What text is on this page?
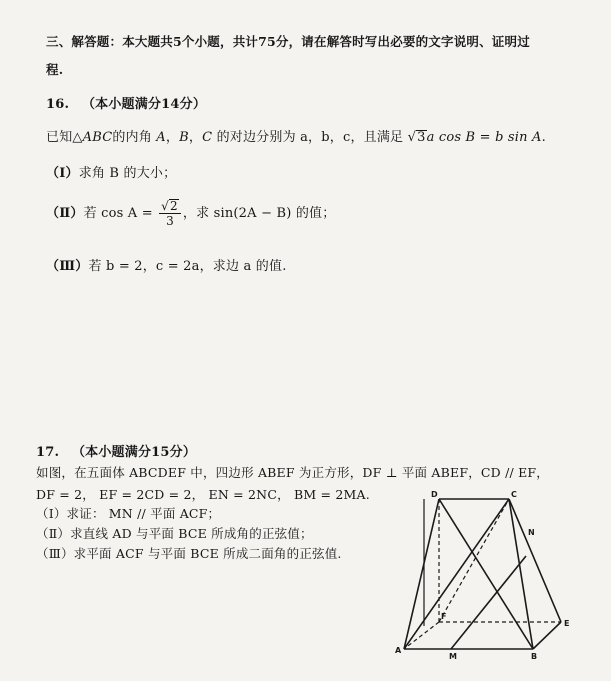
三、解答题：本大题共5个小题，共计75分，请在解答时写出必要的文字说明、证明过
程.
16. （本小题满分14分）
已知△ABC的内角 A，B，C 的对边分别为 a，b，c，且满足 √3a cos B = b sin A.
（Ⅰ）求角 B 的大小；
（Ⅱ）若 $\cos A = \frac{√2}{3}$ ，求 sin(2A − B) 的值；
（Ⅲ）若 b = 2，c = 2a，求边 a 的值.
17. （本小题满分15分）
如图，在五面体 ABCDEF 中，四边形 ABEF 为正方形，DF ⊥ 平面 ABEF，CD // EF，
DF = 2， EF = 2CD = 2， EN = 2NC， BM = 2MA.
（Ⅰ）求证： MN // 平面 ACF；
（Ⅱ）求直线 AD 与平面 BCE 所成角的正弦值；
（Ⅲ）求平面 ACF 与平面 BCE 所成二面角的正弦值.
D	C
N
F
E
A
M	B
